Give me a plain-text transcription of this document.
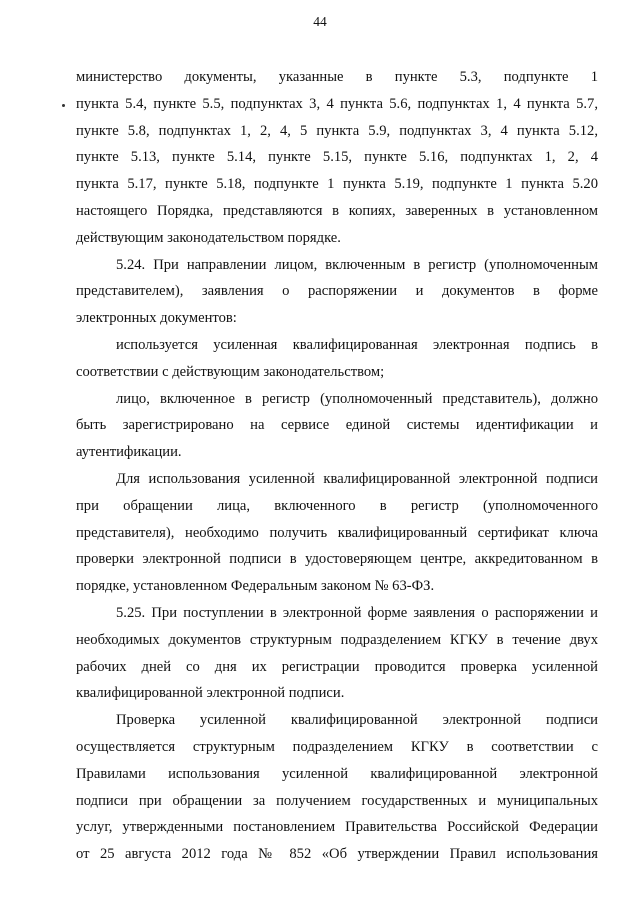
44
министерство документы, указанные в пункте 5.3, подпункте 1
пункта 5.4, пункте 5.5, подпунктах 3, 4 пункта 5.6, подпунктах 1, 4 пункта 5.7,
пункте 5.8, подпунктах 1, 2, 4, 5 пункта 5.9, подпунктах 3, 4 пункта 5.12,
пункте 5.13, пункте 5.14, пункте 5.15, пункте 5.16, подпунктах 1, 2, 4
пункта 5.17, пункте 5.18, подпункте 1 пункта 5.19, подпункте 1 пункта 5.20
настоящего Порядка, представляются в копиях, заверенных в установленном
действующим законодательством порядке.
5.24. При направлении лицом, включенным в регистр (уполномоченным
представителем), заявления о распоряжении и документов в форме
электронных документов:
используется усиленная квалифицированная электронная подпись в
соответствии с действующим законодательством;
лицо, включенное в регистр (уполномоченный представитель), должно
быть зарегистрировано на сервисе единой системы идентификации и
аутентификации.
Для использования усиленной квалифицированной электронной подписи
при обращении лица, включенного в регистр (уполномоченного
представителя), необходимо получить квалифицированный сертификат ключа
проверки электронной подписи в удостоверяющем центре, аккредитованном в
порядке, установленном Федеральным законом № 63-ФЗ.
5.25. При поступлении в электронной форме заявления о распоряжении и
необходимых документов структурным подразделением КГКУ в течение двух
рабочих дней со дня их регистрации проводится проверка усиленной
квалифицированной электронной подписи.
Проверка усиленной квалифицированной электронной подписи
осуществляется структурным подразделением КГКУ в соответствии с
Правилами использования усиленной квалифицированной электронной
подписи при обращении за получением государственных и муниципальных
услуг, утвержденными постановлением Правительства Российской Федерации
от 25 августа 2012 года № 852 «Об утверждении Правил использования
